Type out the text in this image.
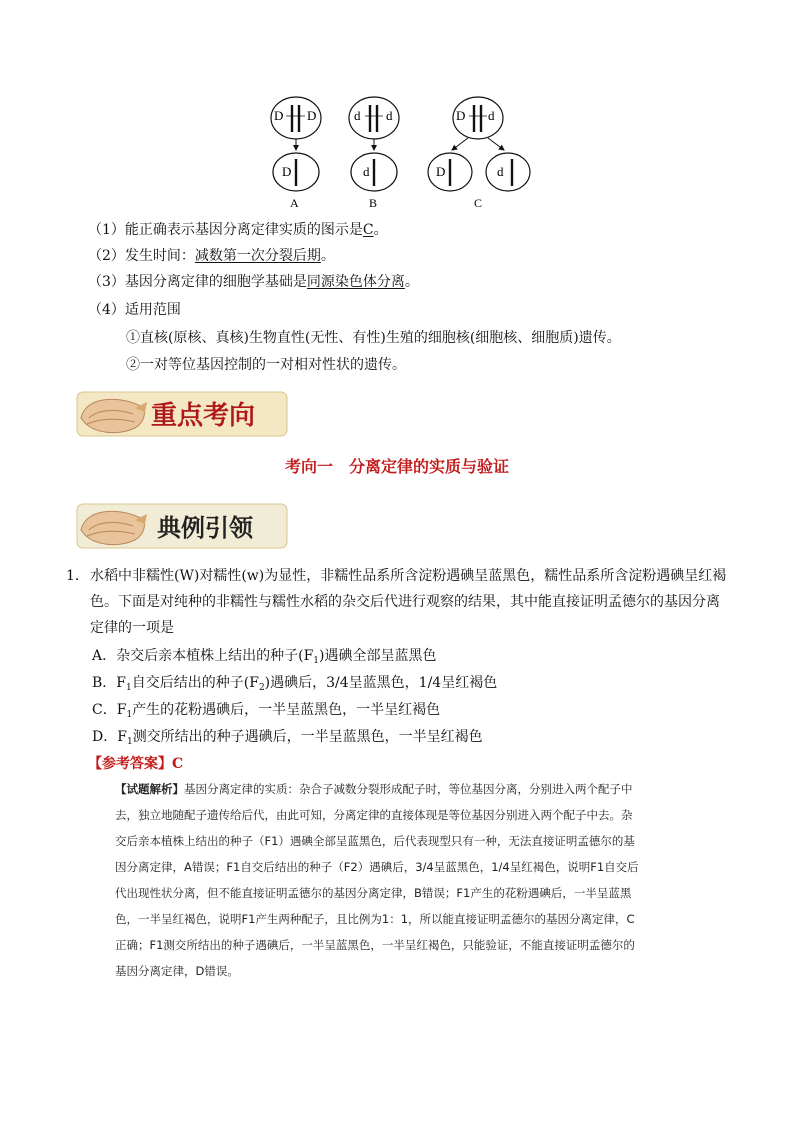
D D
D
A
d d
d
B
D d
D	d
C
（1）能正确表示基因分离定律实质的图示是C。
（2）发生时间：减数第一次分裂后期。
（3）基因分离定律的细胞学基础是同源染色体分离。
（4）适用范围
①直核(原核、真核)生物直性(无性、有性)生殖的细胞核(细胞核、细胞质)遗传。
②一对等位基因控制的一对相对性状的遗传。
重点考向
考向一　分离定律的实质与验证
典例引领
1． 水稻中非糯性(W)对糯性(w)为显性，非糯性品系所含淀粉遇碘呈蓝黑色，糯性品系所含淀粉遇碘呈红褐
色。下面是对纯种的非糯性与糯性水稻的杂交后代进行观察的结果，其中能直接证明孟德尔的基因分离
定律的一项是
A．杂交后亲本植株上结出的种子$(F_1)$遇碘全部呈蓝黑色
B．$F_1$自交后结出的种子$(F_2)$遇碘后，3/4呈蓝黑色，1/4呈红褐色
C．$F_1$产生的花粉遇碘后，一半呈蓝黑色，一半呈红褐色
D．$F_1$测交所结出的种子遇碘后，一半呈蓝黑色，一半呈红褐色
【参考答案】C
【试题解析】基因分离定律的实质：杂合子减数分裂形成配子时，等位基因分离，分别进入两个配子中
去，独立地随配子遗传给后代，由此可知，分离定律的直接体现是等位基因分别进入两个配子中去。杂
交后亲本植株上结出的种子（F1）遇碘全部呈蓝黑色，后代表现型只有一种，无法直接证明孟德尔的基
因分离定律，A错误；F1自交后结出的种子（F2）遇碘后，3/4呈蓝黑色，1/4呈红褐色，说明F1自交后
代出现性状分离，但不能直接证明孟德尔的基因分离定律，B错误；F1产生的花粉遇碘后，一半呈蓝黑
色，一半呈红褐色，说明F1产生两种配子，且比例为1：1，所以能直接证明孟德尔的基因分离定律，C
正确；F1测交所结出的种子遇碘后，一半呈蓝黑色，一半呈红褐色，只能验证，不能直接证明孟德尔的
基因分离定律，D错误。
